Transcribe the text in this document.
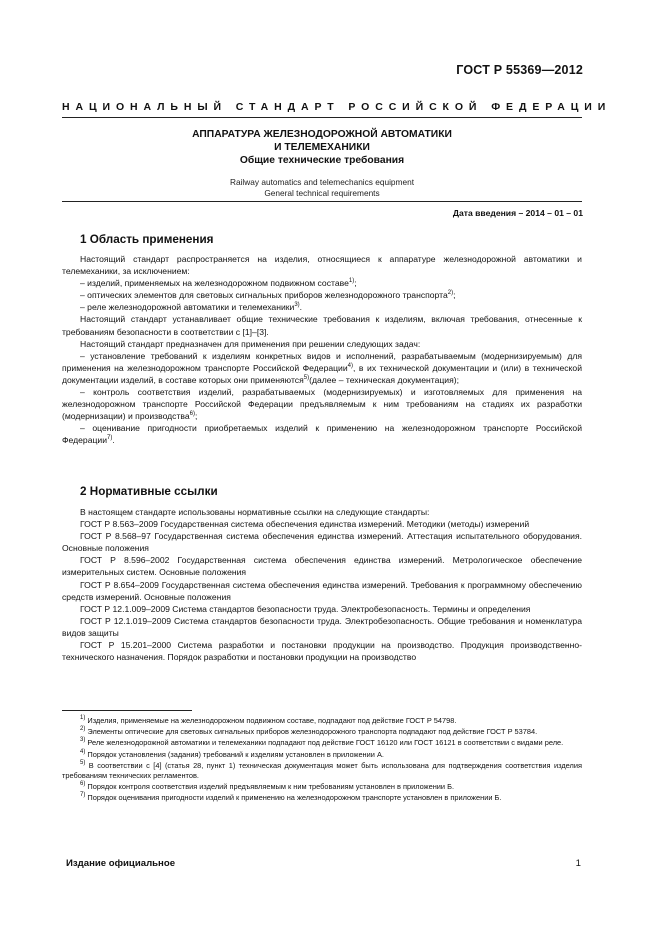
ГОСТ Р 55369—2012
НАЦИОНАЛЬНЫЙ СТАНДАРТ РОССИЙСКОЙ ФЕДЕРАЦИИ
АППАРАТУРА ЖЕЛЕЗНОДОРОЖНОЙ АВТОМАТИКИ
И ТЕЛЕМЕХАНИКИ
Общие технические требования
Railway automatics and telemechanics equipment
General technical requirements
Дата введения – 2014 – 01 – 01
1 Область применения

Настоящий стандарт распространяется на изделия, относящиеся к аппаратуре железнодорожной автоматики и телемеханики, за исключением:

– изделий, применяемых на железнодорожном подвижном составе$^{1)}$;

– оптических элементов для световых сигнальных приборов железнодорожного транспорта$^{2)}$;

– реле железнодорожной автоматики и телемеханики$^{3)}$.

Настоящий стандарт устанавливает общие технические требования к изделиям, включая требования, отнесенные к требованиям безопасности в соответствии с [1]–[3].

Настоящий стандарт предназначен для применения при решении следующих задач:

– установление требований к изделиям конкретных видов и исполнений, разрабатываемым (модернизируемым) для применения на железнодорожном транспорте Российской Федерации$^{4)}$, в их технической документации и (или) в технической документации изделий, в составе которых они применяются$^{5)}$(далее – техническая документация);

– контроль соответствия изделий, разрабатываемых (модернизируемых) и изготовляемых для применения на железнодорожном транспорте Российской Федерации предъявляемым к ним требованиям на стадиях их разработки (модернизации) и производства$^{6)}$;

– оценивание пригодности приобретаемых изделий к применению на железнодорожном транспорте Российской Федерации$^{7)}$.

2 Нормативные ссылки

В настоящем стандарте использованы нормативные ссылки на следующие стандарты:

ГОСТ Р 8.563–2009 Государственная система обеспечения единства измерений. Методики (методы) измерений

ГОСТ Р 8.568–97 Государственная система обеспечения единства измерений. Аттестация испытательного оборудования. Основные положения

ГОСТ Р 8.596–2002 Государственная система обеспечения единства измерений. Метрологическое обеспечение измерительных систем. Основные положения

ГОСТ Р 8.654–2009 Государственная система обеспечения единства измерений. Требования к программному обеспечению средств измерений. Основные положения

ГОСТ Р 12.1.009–2009 Система стандартов безопасности труда. Электробезопасность. Термины и определения

ГОСТ Р 12.1.019–2009 Система стандартов безопасности труда. Электробезопасность. Общие требования и номенклатура видов защиты

ГОСТ Р 15.201–2000 Система разработки и постановки продукции на производство. Продукция производственно-технического назначения. Порядок разработки и постановки продукции на производство

$^{1)}$ Изделия, применяемые на железнодорожном подвижном составе, подпадают под действие ГОСТ Р 54798.

$^{2)}$ Элементы оптические для световых сигнальных приборов железнодорожного транспорта подпадают под действие ГОСТ Р 53784.

$^{3)}$ Реле железнодорожной автоматики и телемеханики подпадают под действие ГОСТ 16120 или ГОСТ 16121 в соответствии с видами реле.

$^{4)}$ Порядок установления (задания) требований к изделиям установлен в приложении А.

$^{5)}$ В соответствии с [4] (статья 28, пункт 1) техническая документация может быть использована для подтверждения соответствия изделия требованиям технических регламентов.

$^{6)}$ Порядок контроля соответствия изделий предъявляемым к ним требованиям установлен в приложении Б.

$^{7)}$ Порядок оценивания пригодности изделий к применению на железнодорожном транспорте установлен в приложении Б.

Издание официальное	1
